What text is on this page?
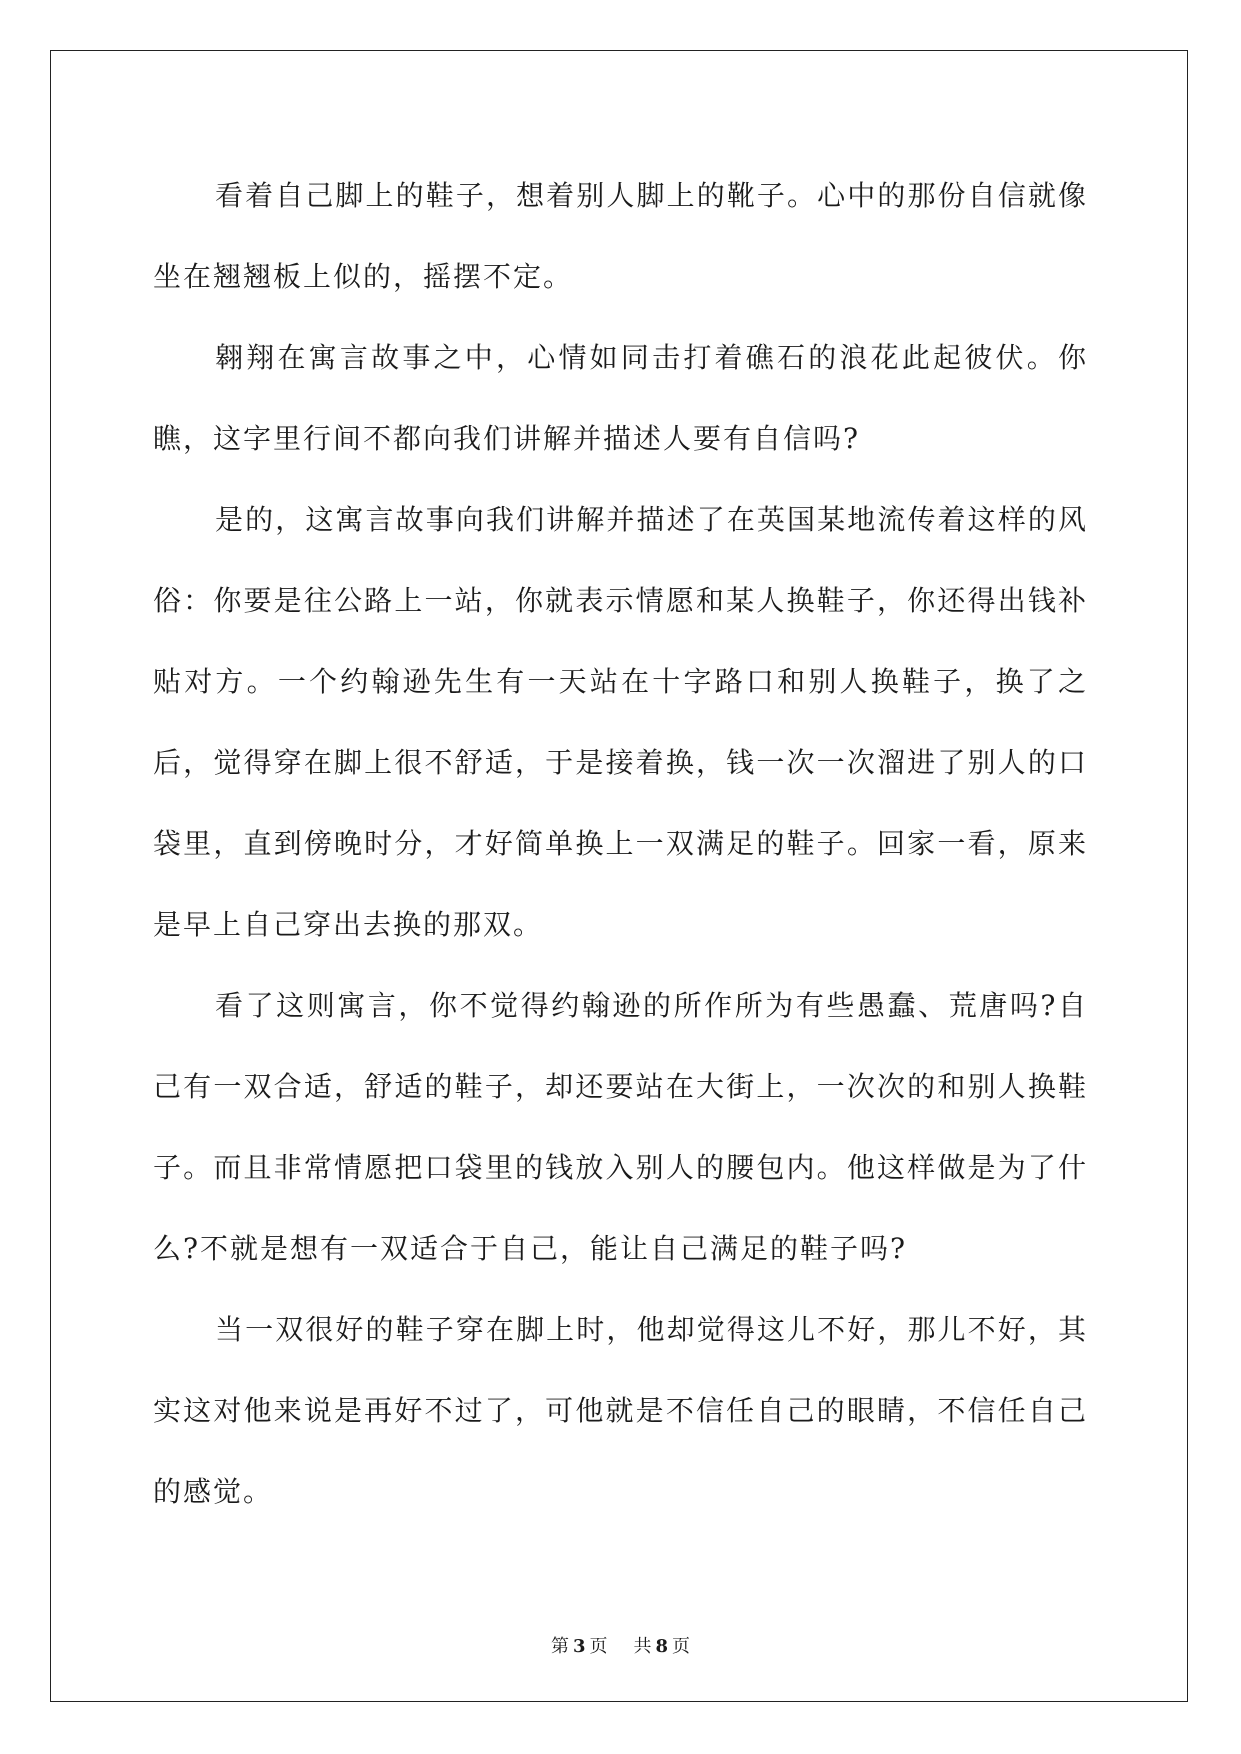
看着自己脚上的鞋子，想着别人脚上的靴子。心中的那份自信就像坐在翘翘板上似的，摇摆不定。

翱翔在寓言故事之中，心情如同击打着礁石的浪花此起彼伏。你瞧，这字里行间不都向我们讲解并描述人要有自信吗?

是的，这寓言故事向我们讲解并描述了在英国某地流传着这样的风俗：你要是往公路上一站，你就表示情愿和某人换鞋子，你还得出钱补贴对方。一个约翰逊先生有一天站在十字路口和别人换鞋子，换了之后，觉得穿在脚上很不舒适，于是接着换，钱一次一次溜进了别人的口袋里，直到傍晚时分，才好简单换上一双满足的鞋子。回家一看，原来是早上自己穿出去换的那双。

看了这则寓言，你不觉得约翰逊的所作所为有些愚蠢、荒唐吗?自己有一双合适，舒适的鞋子，却还要站在大街上，一次次的和别人换鞋子。而且非常情愿把口袋里的钱放入别人的腰包内。他这样做是为了什么?不就是想有一双适合于自己，能让自己满足的鞋子吗?

当一双很好的鞋子穿在脚上时，他却觉得这儿不好，那儿不好，其实这对他来说是再好不过了，可他就是不信任自己的眼睛，不信任自己的感觉。

第 3 页 共 8 页
